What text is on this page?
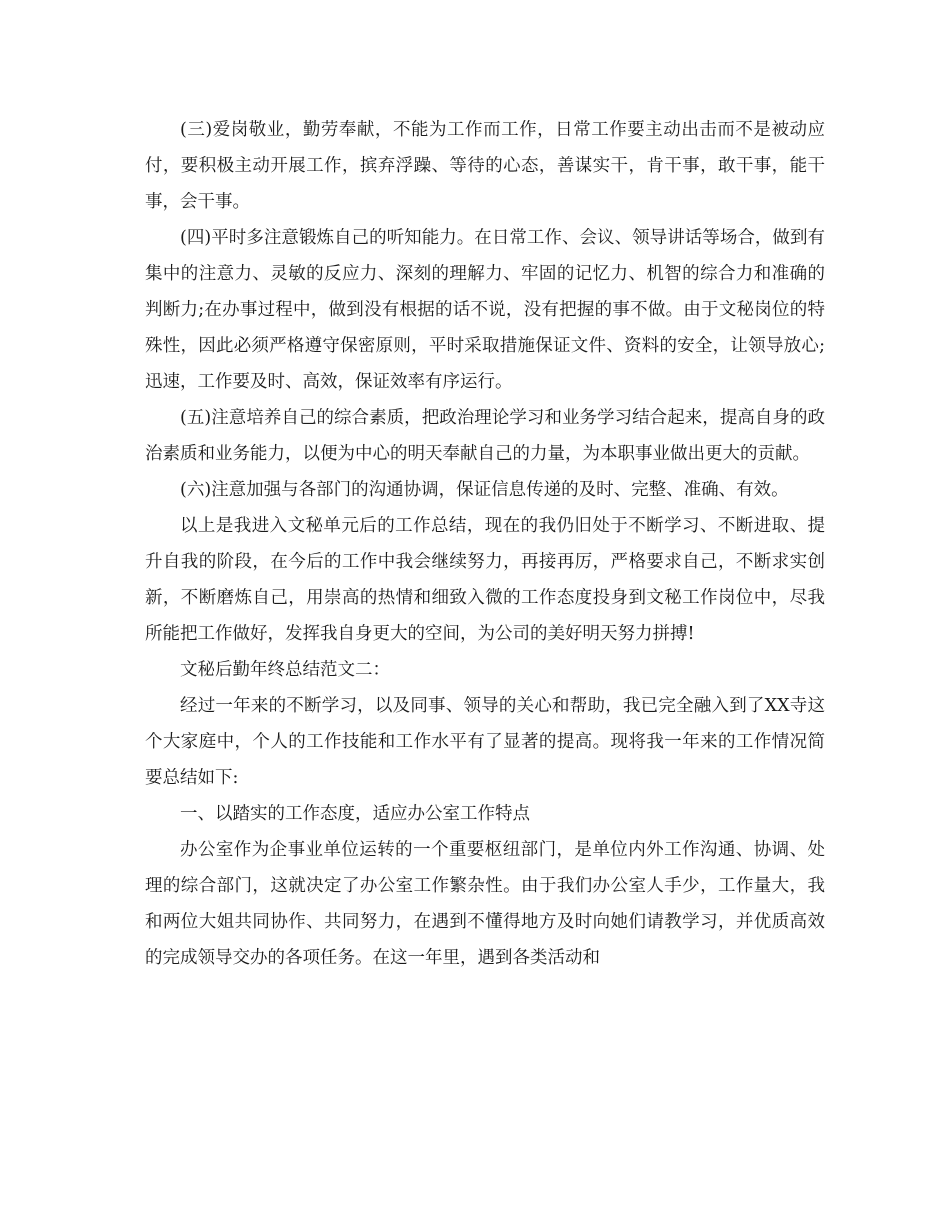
(三)爱岗敬业，勤劳奉献，不能为工作而工作，日常工作要主动出击而不是被动应付，要积极主动开展工作，摈弃浮躁、等待的心态，善谋实干，肯干事，敢干事，能干事，会干事。

(四)平时多注意锻炼自己的听知能力。在日常工作、会议、领导讲话等场合，做到有集中的注意力、灵敏的反应力、深刻的理解力、牢固的记忆力、机智的综合力和准确的判断力;在办事过程中，做到没有根据的话不说，没有把握的事不做。由于文秘岗位的特殊性，因此必须严格遵守保密原则，平时采取措施保证文件、资料的安全，让领导放心;迅速，工作要及时、高效，保证效率有序运行。

(五)注意培养自己的综合素质，把政治理论学习和业务学习结合起来，提高自身的政治素质和业务能力，以便为中心的明天奉献自己的力量，为本职事业做出更大的贡献。

(六)注意加强与各部门的沟通协调，保证信息传递的及时、完整、准确、有效。

以上是我进入文秘单元后的工作总结，现在的我仍旧处于不断学习、不断进取、提升自我的阶段，在今后的工作中我会继续努力，再接再厉，严格要求自己，不断求实创新，不断磨炼自己，用崇高的热情和细致入微的工作态度投身到文秘工作岗位中，尽我所能把工作做好，发挥我自身更大的空间，为公司的美好明天努力拼搏!

文秘后勤年终总结范文二：

经过一年来的不断学习，以及同事、领导的关心和帮助，我已完全融入到了XX寺这个大家庭中，个人的工作技能和工作水平有了显著的提高。现将我一年来的工作情况简要总结如下:

一、以踏实的工作态度，适应办公室工作特点

办公室作为企事业单位运转的一个重要枢纽部门，是单位内外工作沟通、协调、处理的综合部门，这就决定了办公室工作繁杂性。由于我们办公室人手少，工作量大，我和两位大姐共同协作、共同努力，在遇到不懂得地方及时向她们请教学习，并优质高效的完成领导交办的各项任务。在这一年里，遇到各类活动和
